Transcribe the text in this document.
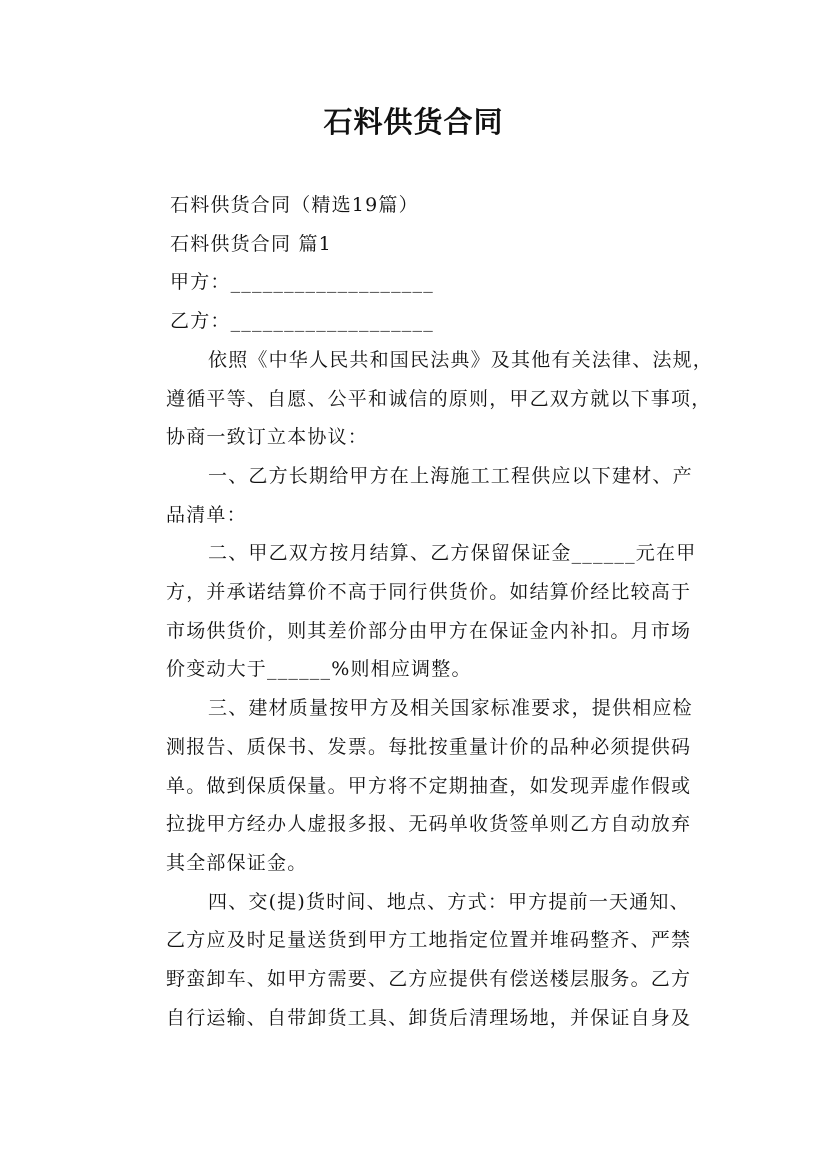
石料供货合同
石料供货合同（精选19篇）
石料供货合同 篇1
甲方：___________________
乙方：___________________
依照《中华人民共和国民法典》及其他有关法律、法规，
遵循平等、自愿、公平和诚信的原则，甲乙双方就以下事项，
协商一致订立本协议：
一、乙方长期给甲方在上海施工工程供应以下建材、产
品清单：
二、甲乙双方按月结算、乙方保留保证金______元在甲
方，并承诺结算价不高于同行供货价。如结算价经比较高于
市场供货价，则其差价部分由甲方在保证金内补扣。月市场
价变动大于______%则相应调整。
三、建材质量按甲方及相关国家标准要求，提供相应检
测报告、质保书、发票。每批按重量计价的品种必须提供码
单。做到保质保量。甲方将不定期抽查，如发现弄虚作假或
拉拢甲方经办人虚报多报、无码单收货签单则乙方自动放弃
其全部保证金。
四、交(提)货时间、地点、方式：甲方提前一天通知、
乙方应及时足量送货到甲方工地指定位置并堆码整齐、严禁
野蛮卸车、如甲方需要、乙方应提供有偿送楼层服务。乙方
自行运输、自带卸货工具、卸货后清理场地，并保证自身及
